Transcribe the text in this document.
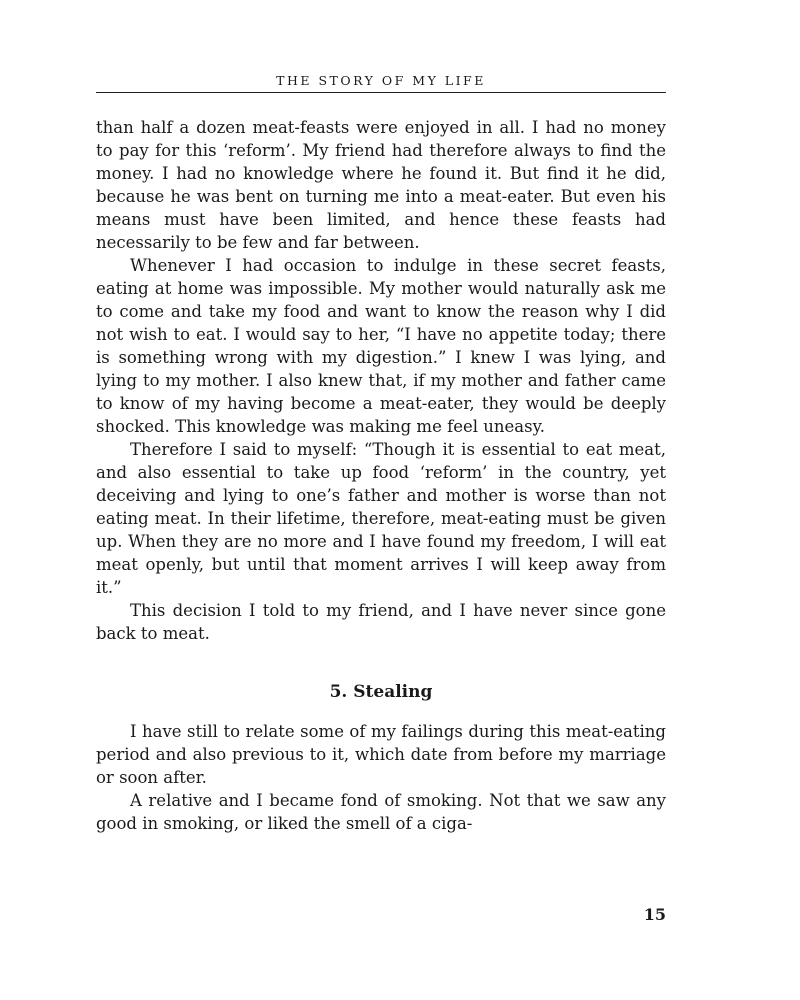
THE STORY OF MY LIFE

than half a dozen meat-feasts were enjoyed in all. I had no money to pay for this ‘reform’. My friend had therefore always to find the money. I had no knowledge where he found it. But find it he did, because he was bent on turning me into a meat-eater. But even his means must have been limited, and hence these feasts had necessarily to be few and far between.

Whenever I had occasion to indulge in these secret feasts, eating at home was impossible. My mother would naturally ask me to come and take my food and want to know the reason why I did not wish to eat. I would say to her, “I have no appetite today; there is something wrong with my digestion.” I knew I was lying, and lying to my mother. I also knew that, if my mother and father came to know of my having become a meat-eater, they would be deeply shocked. This knowledge was making me feel uneasy.

Therefore I said to myself: “Though it is essential to eat meat, and also essential to take up food ‘reform’ in the country, yet deceiving and lying to one’s father and mother is worse than not eating meat. In their lifetime, therefore, meat-eating must be given up. When they are no more and I have found my freedom, I will eat meat openly, but until that moment arrives I will keep away from it.”

This decision I told to my friend, and I have never since gone back to meat.

5. Stealing

I have still to relate some of my failings during this meat-eating period and also previous to it, which date from before my marriage or soon after.

A relative and I became fond of smoking. Not that we saw any good in smoking, or liked the smell of a ciga-

15
